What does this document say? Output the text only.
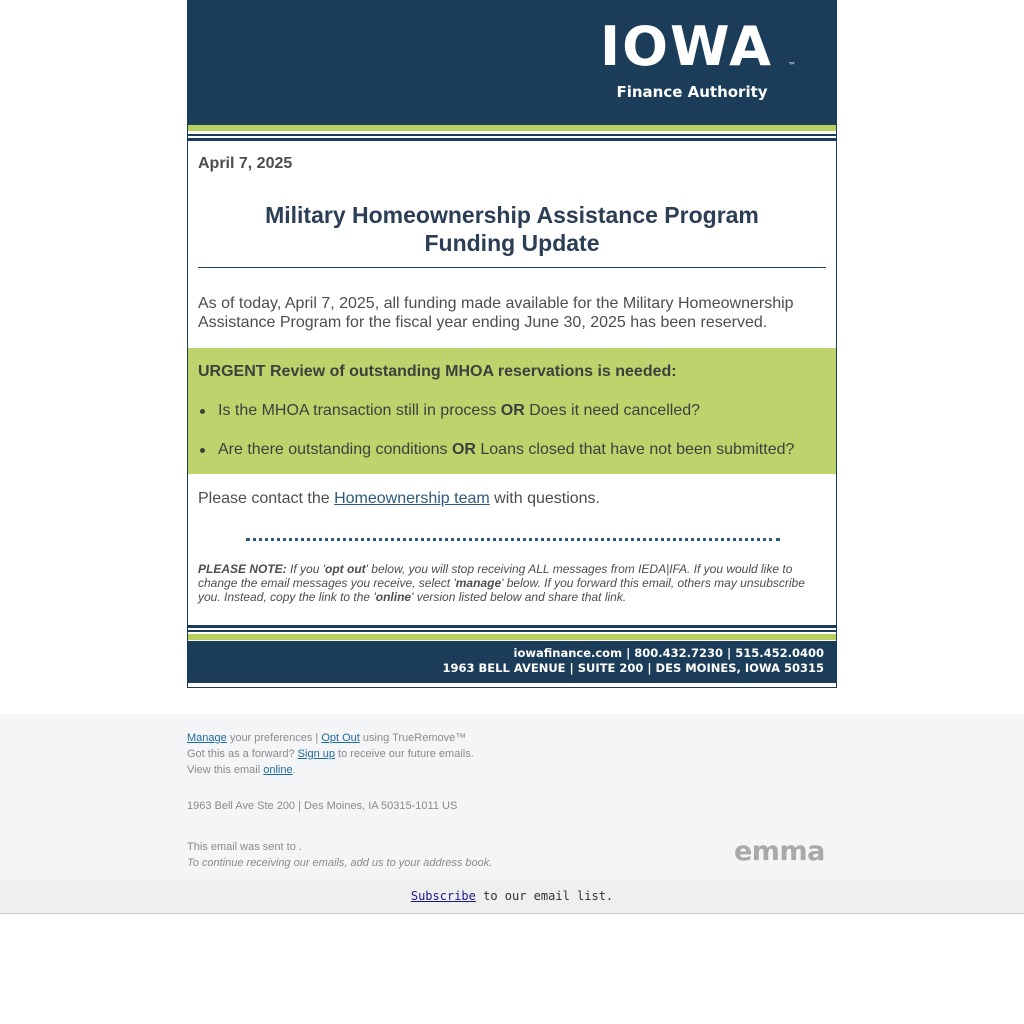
IOWA	™
Finance Authority
April 7, 2025
Military Homeownership Assistance Program
Funding Update
As of today, April 7, 2025, all funding made available for the Military Homeownership Assistance Program for the fiscal year ending June 30, 2025 has been reserved.
URGENT Review of outstanding MHOA reservations is needed:
Is the MHOA transaction still in process OR Does it need cancelled?
Are there outstanding conditions OR Loans closed that have not been submitted?
Please contact the Homeownership team with questions.
PLEASE NOTE: If you 'opt out' below, you will stop receiving ALL messages from IEDA|IFA. If you would like to change the email messages you receive, select 'manage' below. If you forward this email, others may unsubscribe you. Instead, copy the link to the 'online' version listed below and share that link.
iowafinance.com | 800.432.7230 | 515.452.0400
1963 BELL AVENUE | SUITE 200 | DES MOINES, IOWA 50315
Manage your preferences | Opt Out using TrueRemove™
Got this as a forward? Sign up to receive our future emails.
View this email online.
1963 Bell Ave Ste 200 | Des Moines, IA 50315-1011 US
This email was sent to .
To continue receiving our emails, add us to your address book.	emma
Subscribe to our email list.
